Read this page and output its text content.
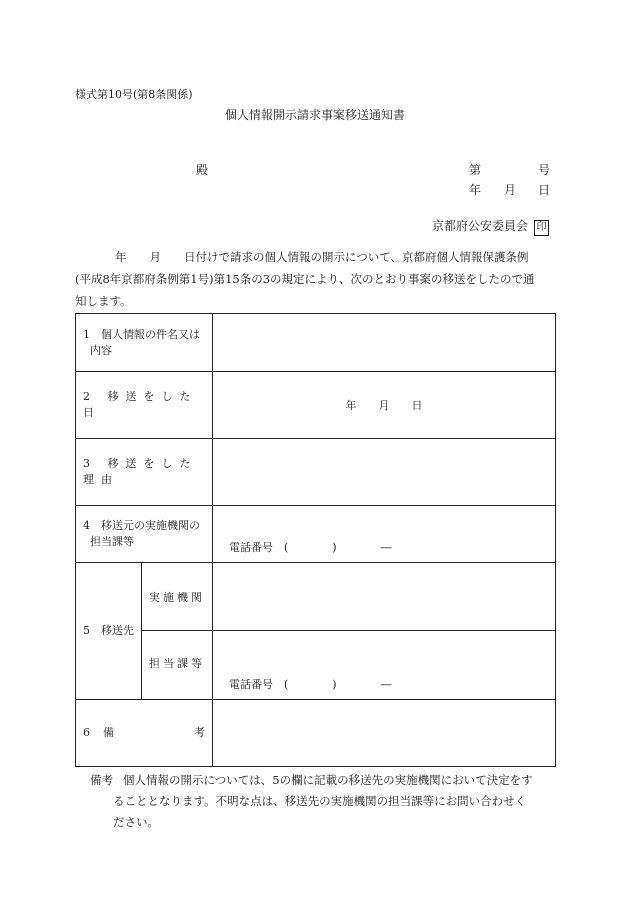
様式第10号(第8条関係)
個人情報開示請求事案移送通知書
殿	第	号
年 月 日
京都府公安委員会 印
年　　月　　日付けで請求の個人情報の開示について、京都府個人情報保護条例
(平成8年京都府条例第1号)第15条の3の規定により、次のとおり事案の移送をしたので通
知します。
1　個人情報の件名又は
内容		

2 移送をした日		年　　月　　日
3 移送をした理由		

4　移送元の実施機関の
担当課等		電話番号　(　　　　)　　　　―
5　移送先	実施機関	
	担当課等	電話番号　(　　　　)　　　　―
6 備 考		

備考 個人情報の開示については、5の欄に記載の移送先の実施機関において決定をす
ることとなります。不明な点は、移送先の実施機関の担当課等にお問い合わせく
ださい。
